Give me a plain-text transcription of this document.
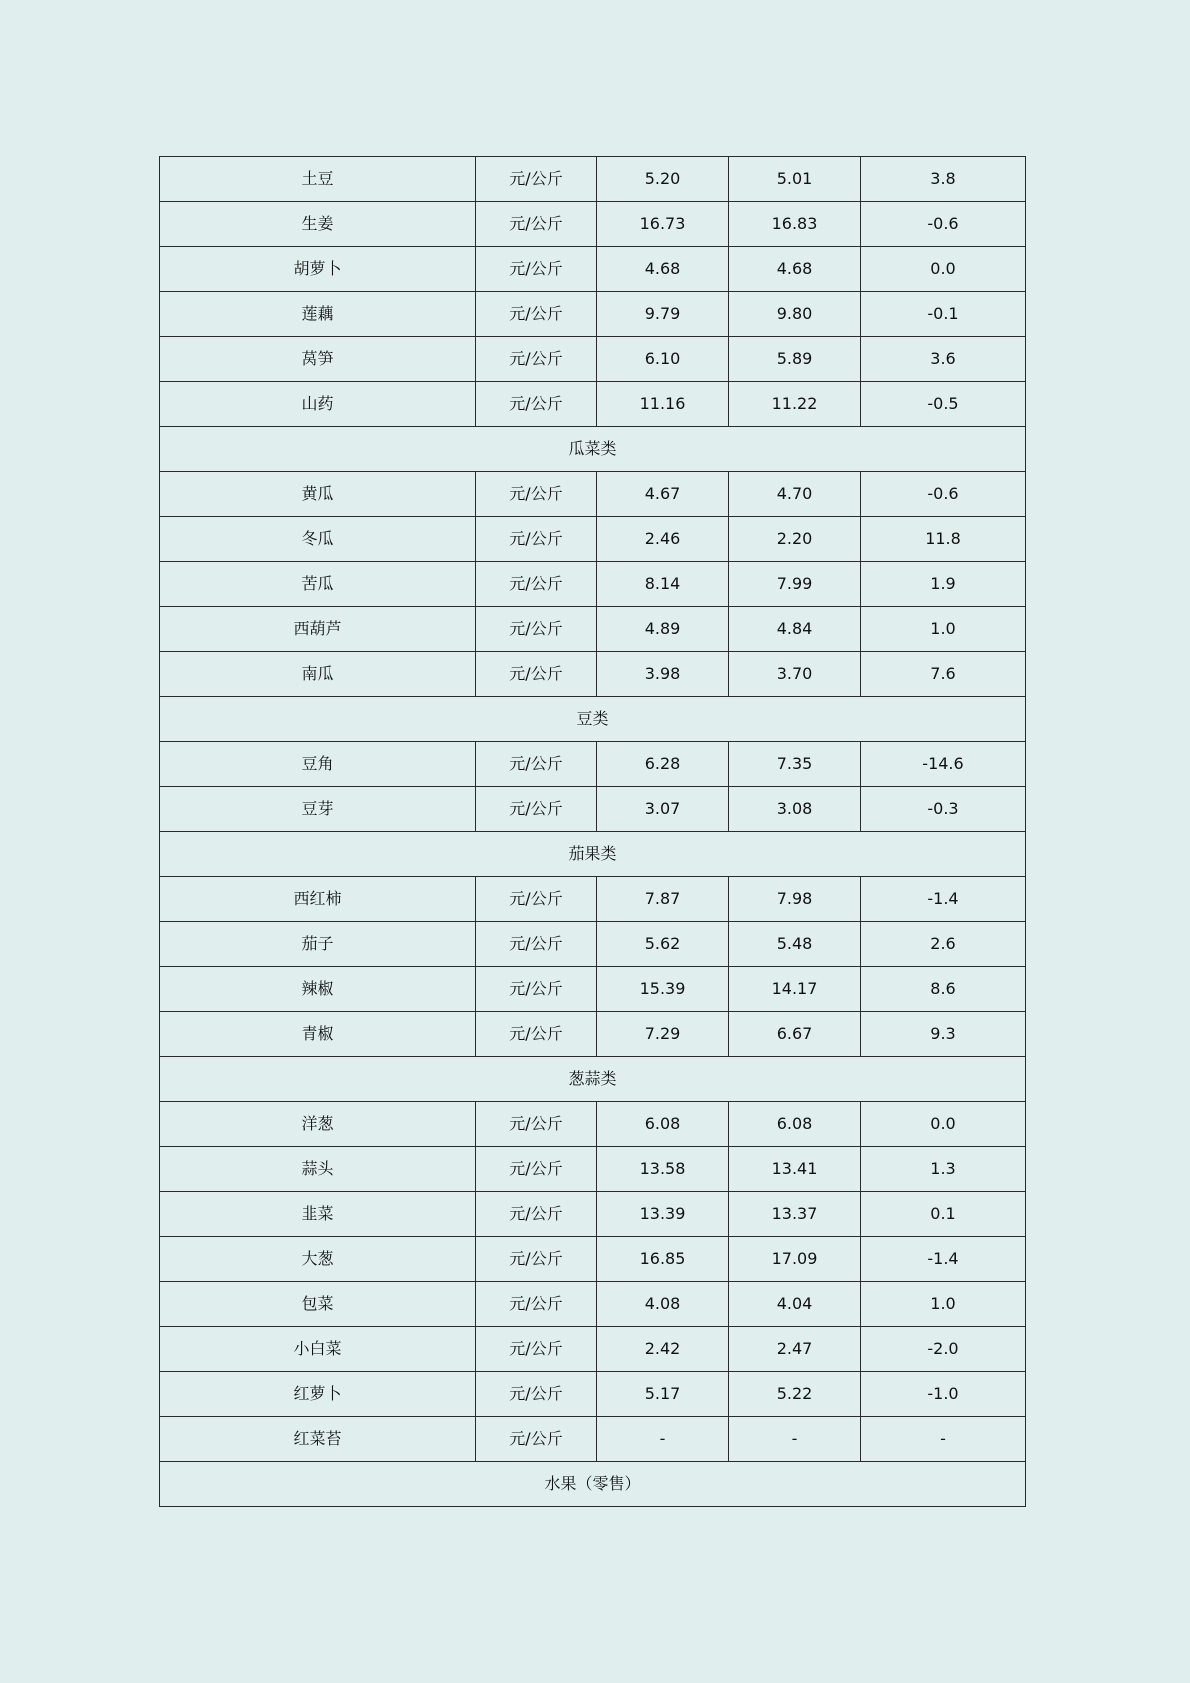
土豆	元/公斤	5.20	5.01	3.8
生姜	元/公斤	16.73	16.83	-0.6
胡萝卜	元/公斤	4.68	4.68	0.0
莲藕	元/公斤	9.79	9.80	-0.1
莴笋	元/公斤	6.10	5.89	3.6
山药	元/公斤	11.16	11.22	-0.5
瓜菜类				
黄瓜	元/公斤	4.67	4.70	-0.6
冬瓜	元/公斤	2.46	2.20	11.8
苦瓜	元/公斤	8.14	7.99	1.9
西葫芦	元/公斤	4.89	4.84	1.0
南瓜	元/公斤	3.98	3.70	7.6
豆类				
豆角	元/公斤	6.28	7.35	-14.6
豆芽	元/公斤	3.07	3.08	-0.3
茄果类				
西红柿	元/公斤	7.87	7.98	-1.4
茄子	元/公斤	5.62	5.48	2.6
辣椒	元/公斤	15.39	14.17	8.6
青椒	元/公斤	7.29	6.67	9.3
葱蒜类				
洋葱	元/公斤	6.08	6.08	0.0
蒜头	元/公斤	13.58	13.41	1.3
韭菜	元/公斤	13.39	13.37	0.1
大葱	元/公斤	16.85	17.09	-1.4
包菜	元/公斤	4.08	4.04	1.0
小白菜	元/公斤	2.42	2.47	-2.0
红萝卜	元/公斤	5.17	5.22	-1.0
红菜苔	元/公斤	-	-	-
水果（零售）				
